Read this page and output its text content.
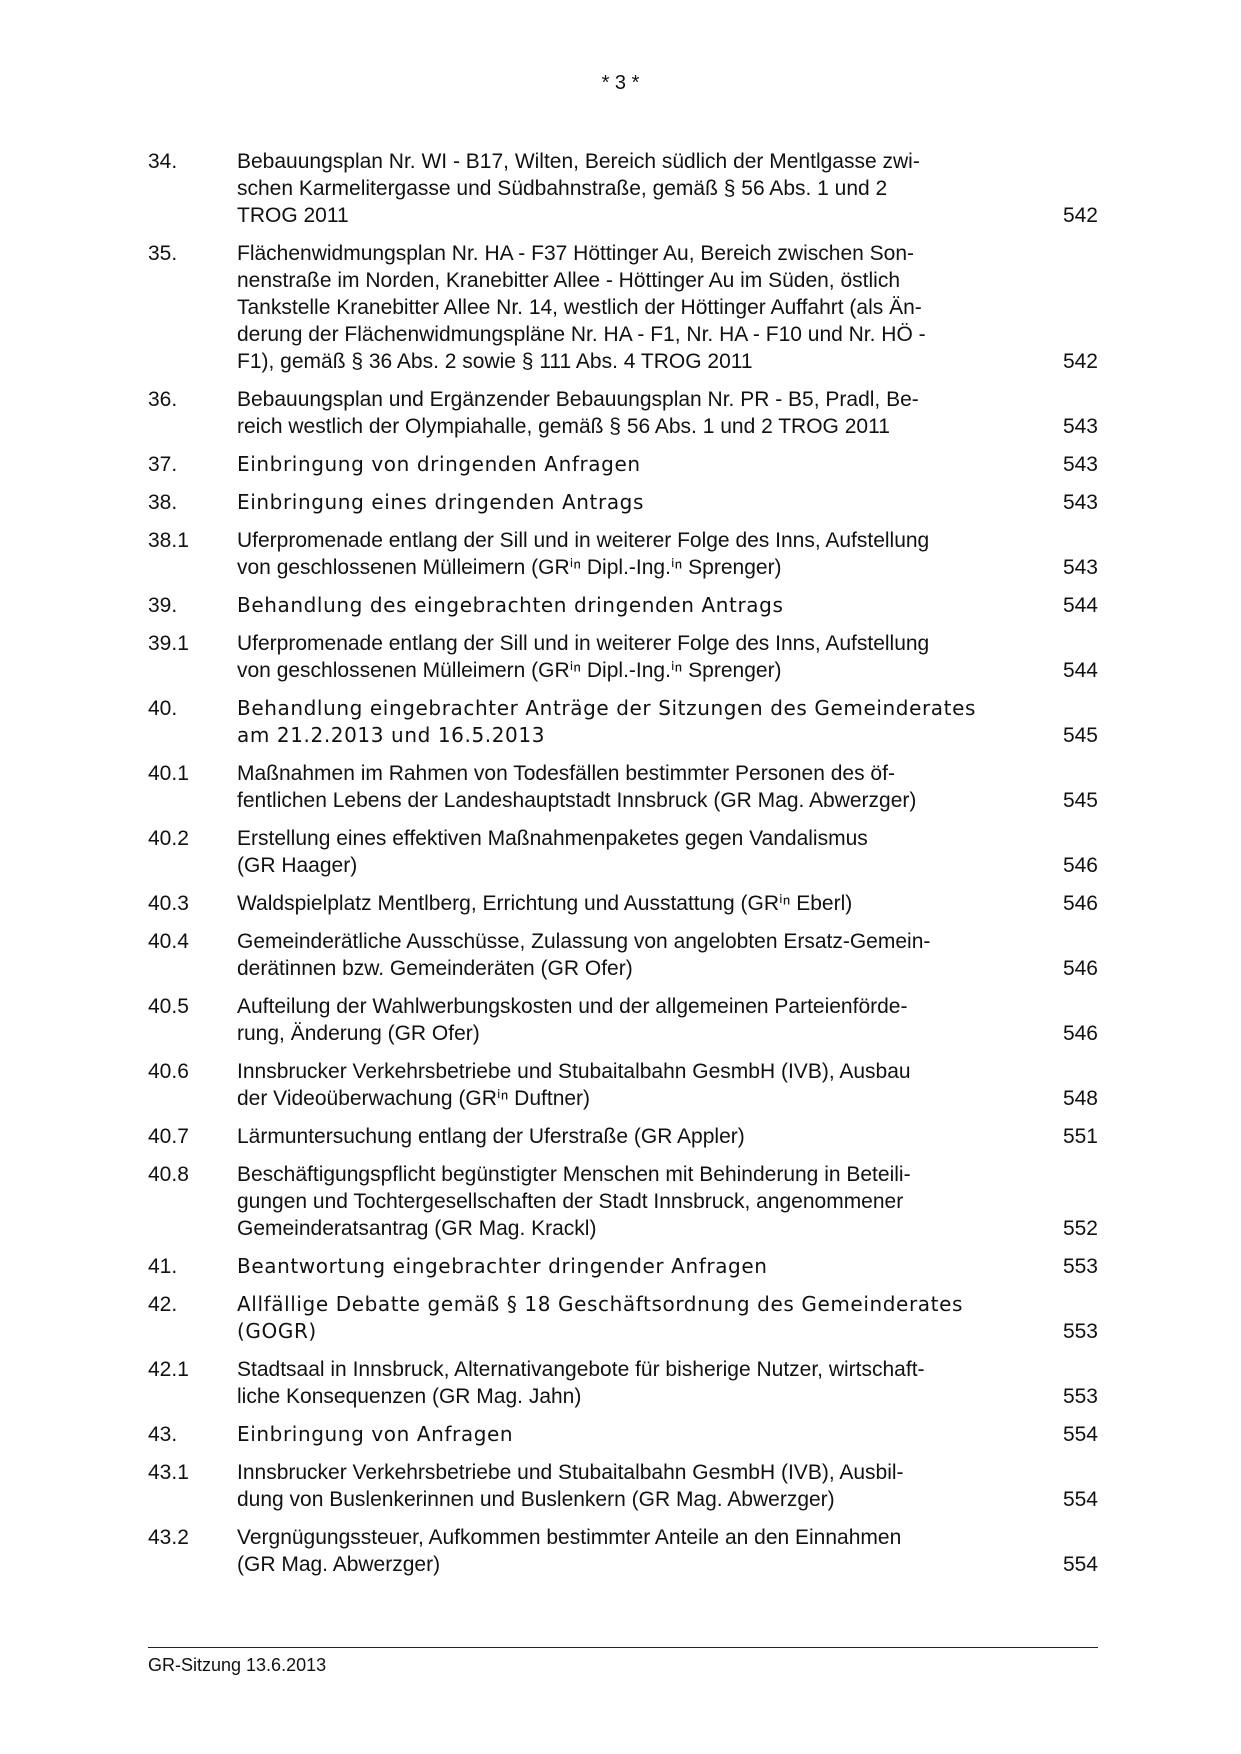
* 3 *
34.	Bebauungsplan Nr. WI - B17, Wilten, Bereich südlich der Mentlgasse zwi-
schen Karmelitergasse und Südbahnstraße, gemäß § 56 Abs. 1 und 2
TROG 2011	542
35.	Flächenwidmungsplan Nr. HA - F37 Höttinger Au, Bereich zwischen Son-
nenstraße im Norden, Kranebitter Allee - Höttinger Au im Süden, östlich
Tankstelle Kranebitter Allee Nr. 14, westlich der Höttinger Auffahrt (als Än-
derung der Flächenwidmungspläne Nr. HA - F1, Nr. HA - F10 und Nr. HÖ -
F1), gemäß § 36 Abs. 2 sowie § 111 Abs. 4 TROG 2011	542
36.	Bebauungsplan und Ergänzender Bebauungsplan Nr. PR - B5, Pradl, Be-
reich westlich der Olympiahalle, gemäß § 56 Abs. 1 und 2 TROG 2011	543
37.	Einbringung von dringenden Anfragen	543
38.	Einbringung eines dringenden Antrags	543
38.1	Uferpromenade entlang der Sill und in weiterer Folge des Inns, Aufstellung
von geschlossenen Mülleimern (GRⁱⁿ Dipl.-Ing.ⁱⁿ Sprenger)	543
39.	Behandlung des eingebrachten dringenden Antrags	544
39.1	Uferpromenade entlang der Sill und in weiterer Folge des Inns, Aufstellung
von geschlossenen Mülleimern (GRⁱⁿ Dipl.-Ing.ⁱⁿ Sprenger)	544
40.	Behandlung eingebrachter Anträge der Sitzungen des Gemeinderates
am 21.2.2013 und 16.5.2013	545
40.1	Maßnahmen im Rahmen von Todesfällen bestimmter Personen des öf-
fentlichen Lebens der Landeshauptstadt Innsbruck (GR Mag. Abwerzger)	545
40.2	Erstellung eines effektiven Maßnahmenpaketes gegen Vandalismus
(GR Haager)	546
40.3	Waldspielplatz Mentlberg, Errichtung und Ausstattung (GRⁱⁿ Eberl)	546
40.4	Gemeinderätliche Ausschüsse, Zulassung von angelobten Ersatz-Gemein-
derätinnen bzw. Gemeinderäten (GR Ofer)	546
40.5	Aufteilung der Wahlwerbungskosten und der allgemeinen Parteienförde-
rung, Änderung (GR Ofer)	546
40.6	Innsbrucker Verkehrsbetriebe und Stubaitalbahn GesmbH (IVB), Ausbau
der Videoüberwachung (GRⁱⁿ Duftner)	548
40.7	Lärmuntersuchung entlang der Uferstraße (GR Appler)	551
40.8	Beschäftigungspflicht begünstigter Menschen mit Behinderung in Beteili-
gungen und Tochtergesellschaften der Stadt Innsbruck, angenommener
Gemeinderatsantrag (GR Mag. Krackl)	552
41.	Beantwortung eingebrachter dringender Anfragen	553
42.	Allfällige Debatte gemäß § 18 Geschäftsordnung des Gemeinderates
(GOGR)	553
42.1	Stadtsaal in Innsbruck, Alternativangebote für bisherige Nutzer, wirtschaft-
liche Konsequenzen (GR Mag. Jahn)	553
43.	Einbringung von Anfragen	554
43.1	Innsbrucker Verkehrsbetriebe und Stubaitalbahn GesmbH (IVB), Ausbil-
dung von Buslenkerinnen und Buslenkern (GR Mag. Abwerzger)	554
43.2	Vergnügungssteuer, Aufkommen bestimmter Anteile an den Einnahmen
(GR Mag. Abwerzger)	554
GR-Sitzung 13.6.2013
